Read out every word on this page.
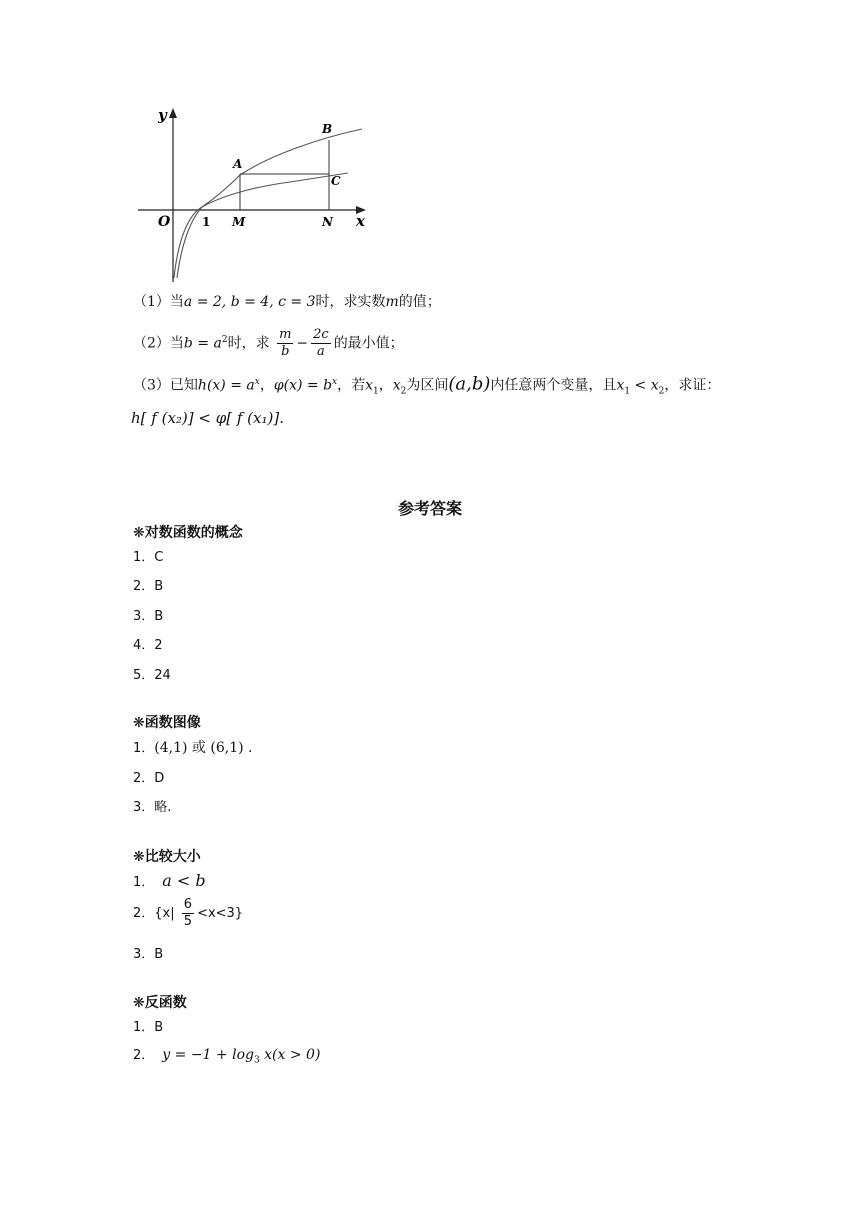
y
x
O	1 M	N
A
B
C
（1）当a = 2, b = 4, c = 3时，求实数m的值；
（2）当$b = a^2$时，求 $\frac{m}{b} - \frac{2c}{a}$ 的最小值；
（3）已知$h(x) = a^x$，$\varphi(x) = b^x$，若$x_1$，$x_2$为区间(a,b)内任意两个变量，且$x_1 < x_2$，求证：
h[ f (x₂)] < φ[ f (x₁)].
参考答案
❋对数函数的概念
1．C
2．B
3．B
4．2
5．24
❋函数图像
1．(4,1) 或 (6,1) .
2．D
3．略.
❋比较大小
1． a < b
2．$\{x| \frac{6}{5} <x<3\}$
3．B
❋反函数
1．B
2． $y = -1 + \log_3 x(x > 0)$
